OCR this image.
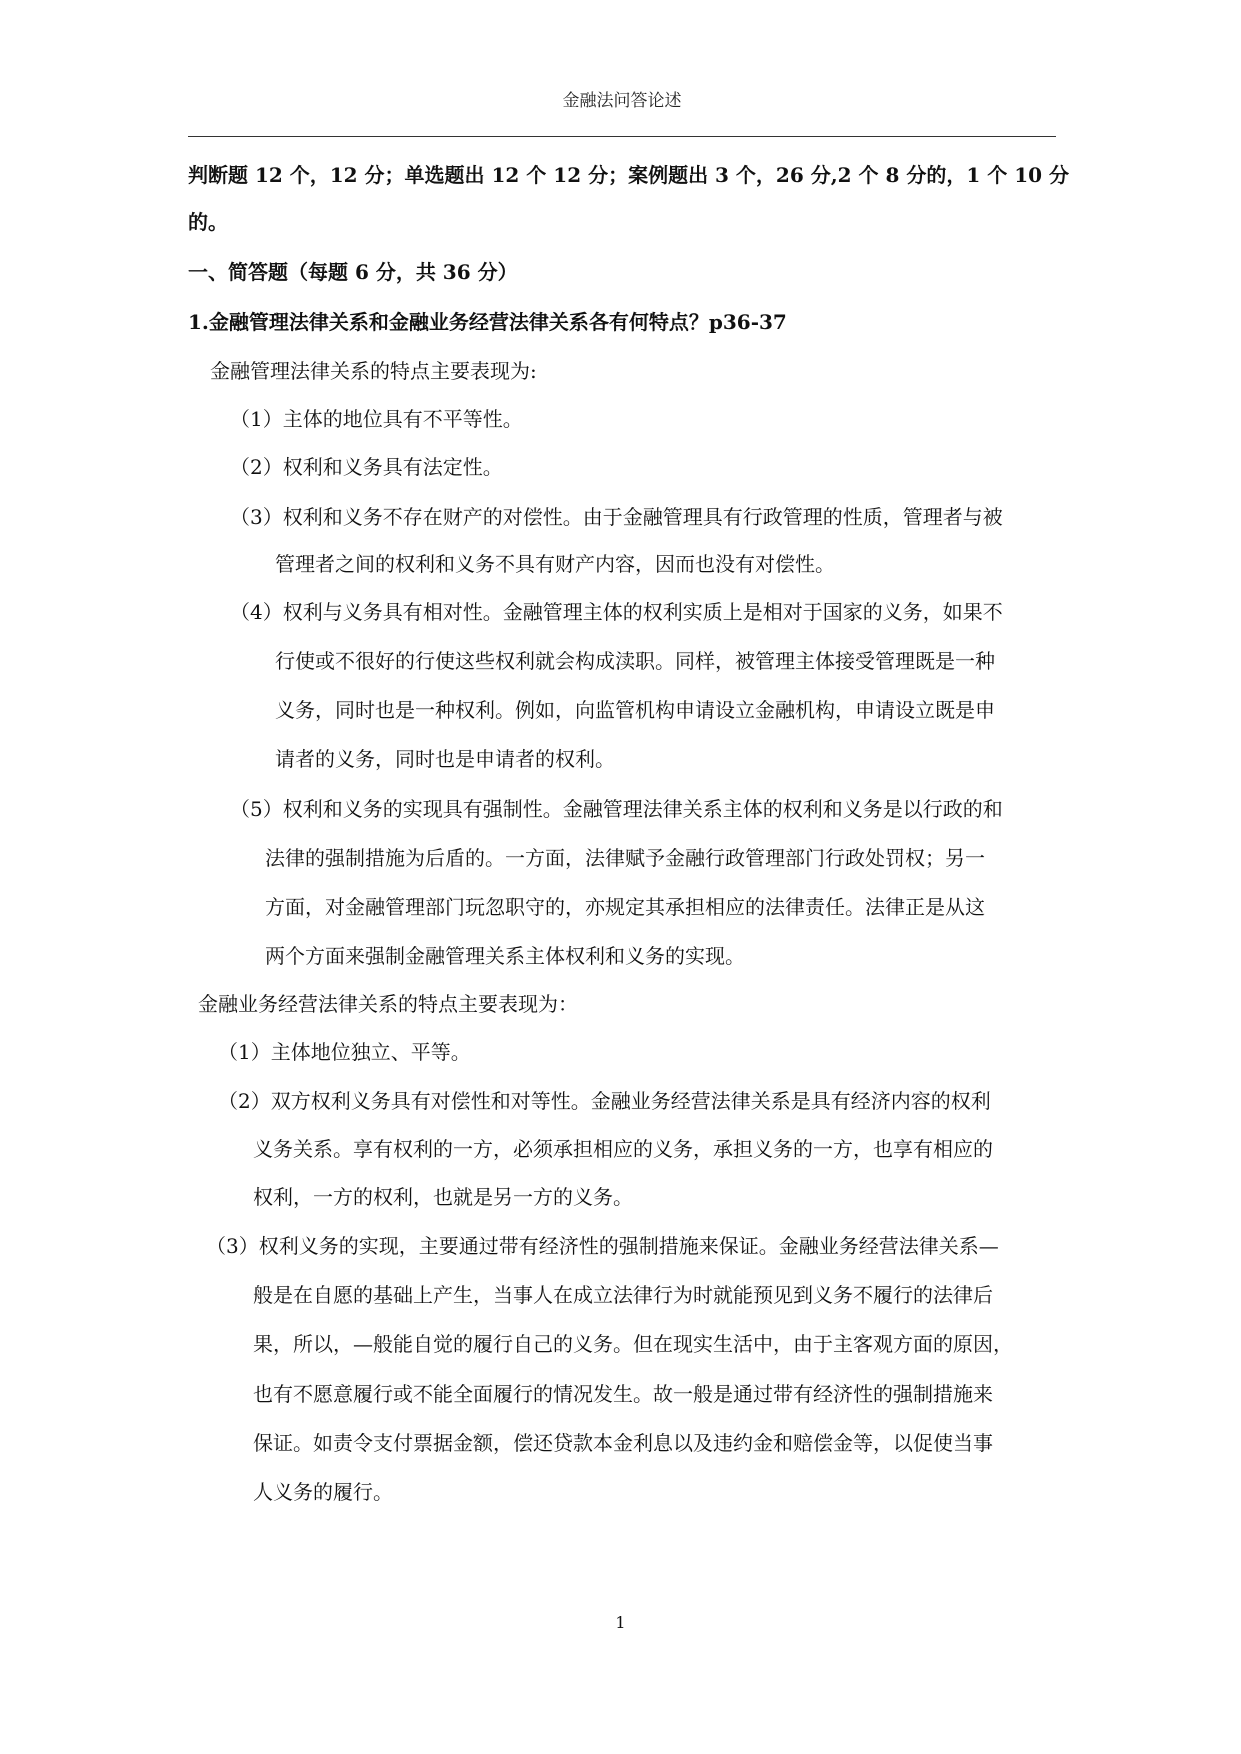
金融法问答论述
判断题 12 个，12 分；单选题出 12 个 12 分；案例题出 3 个，26 分,2 个 8 分的，1 个 10 分
的。
一、简答题（每题 6 分，共 36 分）
1.金融管理法律关系和金融业务经营法律关系各有何特点？p36-37
金融管理法律关系的特点主要表现为:
（1）主体的地位具有不平等性。
（2）权利和义务具有法定性。
（3）权利和义务不存在财产的对偿性。由于金融管理具有行政管理的性质，管理者与被
管理者之间的权利和义务不具有财产内容，因而也没有对偿性。
（4）权利与义务具有相对性。金融管理主体的权利实质上是相对于国家的义务，如果不
行使或不很好的行使这些权利就会构成渎职。同样，被管理主体接受管理既是一种
义务，同时也是一种权利。例如，向监管机构申请设立金融机构，申请设立既是申
请者的义务，同时也是申请者的权利。
（5）权利和义务的实现具有强制性。金融管理法律关系主体的权利和义务是以行政的和
法律的强制措施为后盾的。一方面，法律赋予金融行政管理部门行政处罚权；另一
方面，对金融管理部门玩忽职守的，亦规定其承担相应的法律责任。法律正是从这
两个方面来强制金融管理关系主体权利和义务的实现。
金融业务经营法律关系的特点主要表现为：
（1）主体地位独立、平等。
（2）双方权利义务具有对偿性和对等性。金融业务经营法律关系是具有经济内容的权利
义务关系。享有权利的一方，必须承担相应的义务，承担义务的一方，也享有相应的
权利，一方的权利，也就是另一方的义务。
（3）权利义务的实现，主要通过带有经济性的强制措施来保证。金融业务经营法律关系—
般是在自愿的基础上产生，当事人在成立法律行为时就能预见到义务不履行的法律后
果，所以，—般能自觉的履行自己的义务。但在现实生活中，由于主客观方面的原因，
也有不愿意履行或不能全面履行的情况发生。故一般是通过带有经济性的强制措施来
保证。如责令支付票据金额，偿还贷款本金利息以及违约金和赔偿金等，以促使当事
人义务的履行。
1
